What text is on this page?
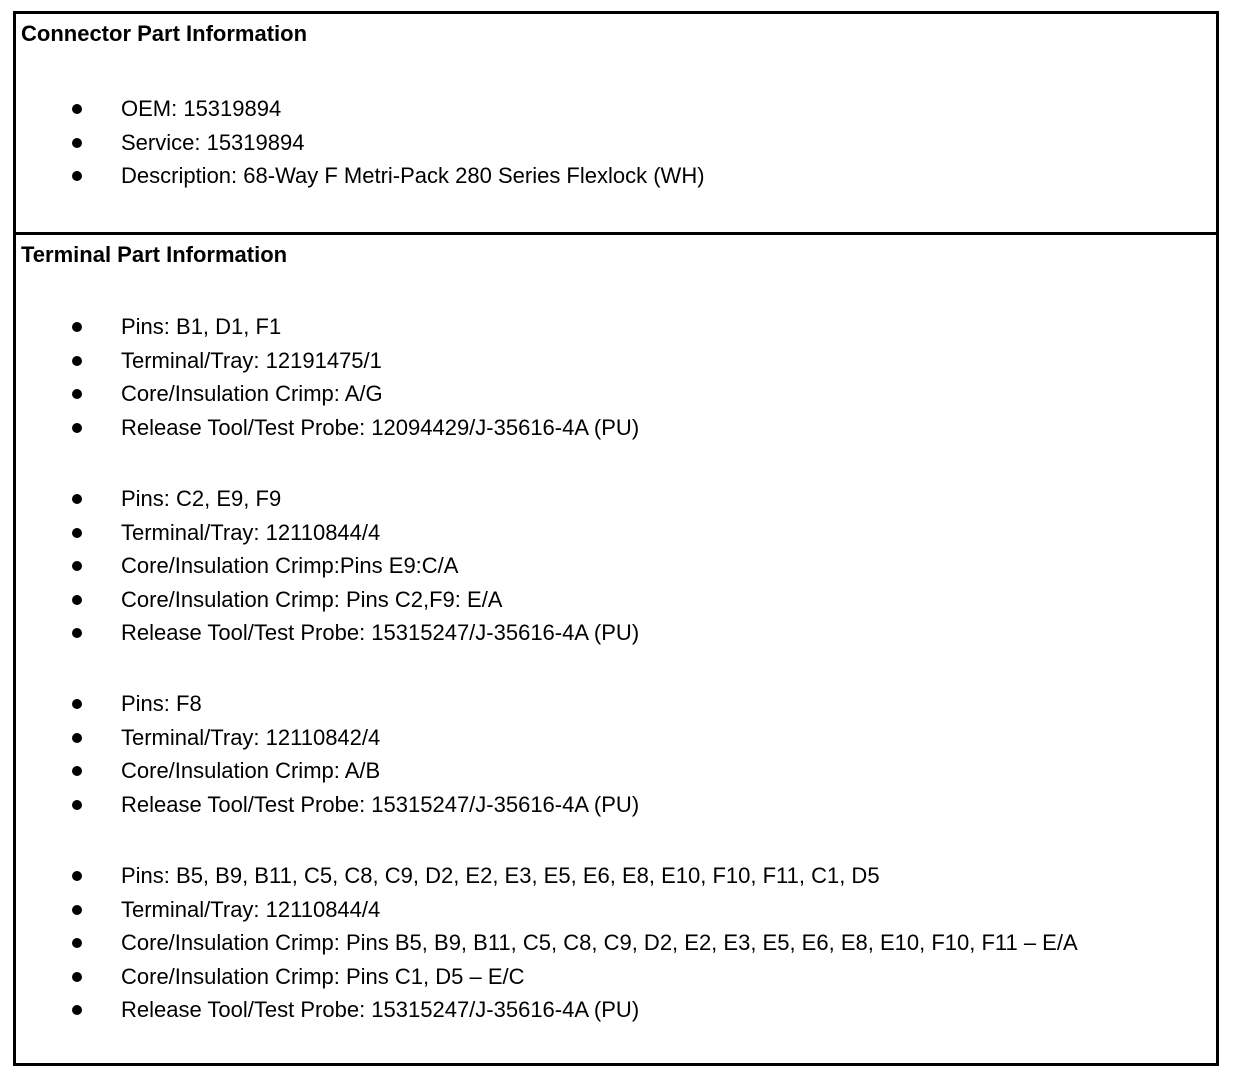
Connector Part Information
OEM: 15319894
Service: 15319894
Description: 68-Way F Metri-Pack 280 Series Flexlock (WH)
Terminal Part Information
Pins: B1, D1, F1
Terminal/Tray: 12191475/1
Core/Insulation Crimp: A/G
Release Tool/Test Probe: 12094429/J-35616-4A (PU)
Pins: C2, E9, F9
Terminal/Tray: 12110844/4
Core/Insulation Crimp:Pins E9:C/A
Core/Insulation Crimp: Pins C2,F9: E/A
Release Tool/Test Probe: 15315247/J-35616-4A (PU)
Pins: F8
Terminal/Tray: 12110842/4
Core/Insulation Crimp: A/B
Release Tool/Test Probe: 15315247/J-35616-4A (PU)
Pins: B5, B9, B11, C5, C8, C9, D2, E2, E3, E5, E6, E8, E10, F10, F11, C1, D5
Terminal/Tray: 12110844/4
Core/Insulation Crimp: Pins B5, B9, B11, C5, C8, C9, D2, E2, E3, E5, E6, E8, E10, F10, F11 – E/A
Core/Insulation Crimp: Pins C1, D5 – E/C
Release Tool/Test Probe: 15315247/J-35616-4A (PU)
